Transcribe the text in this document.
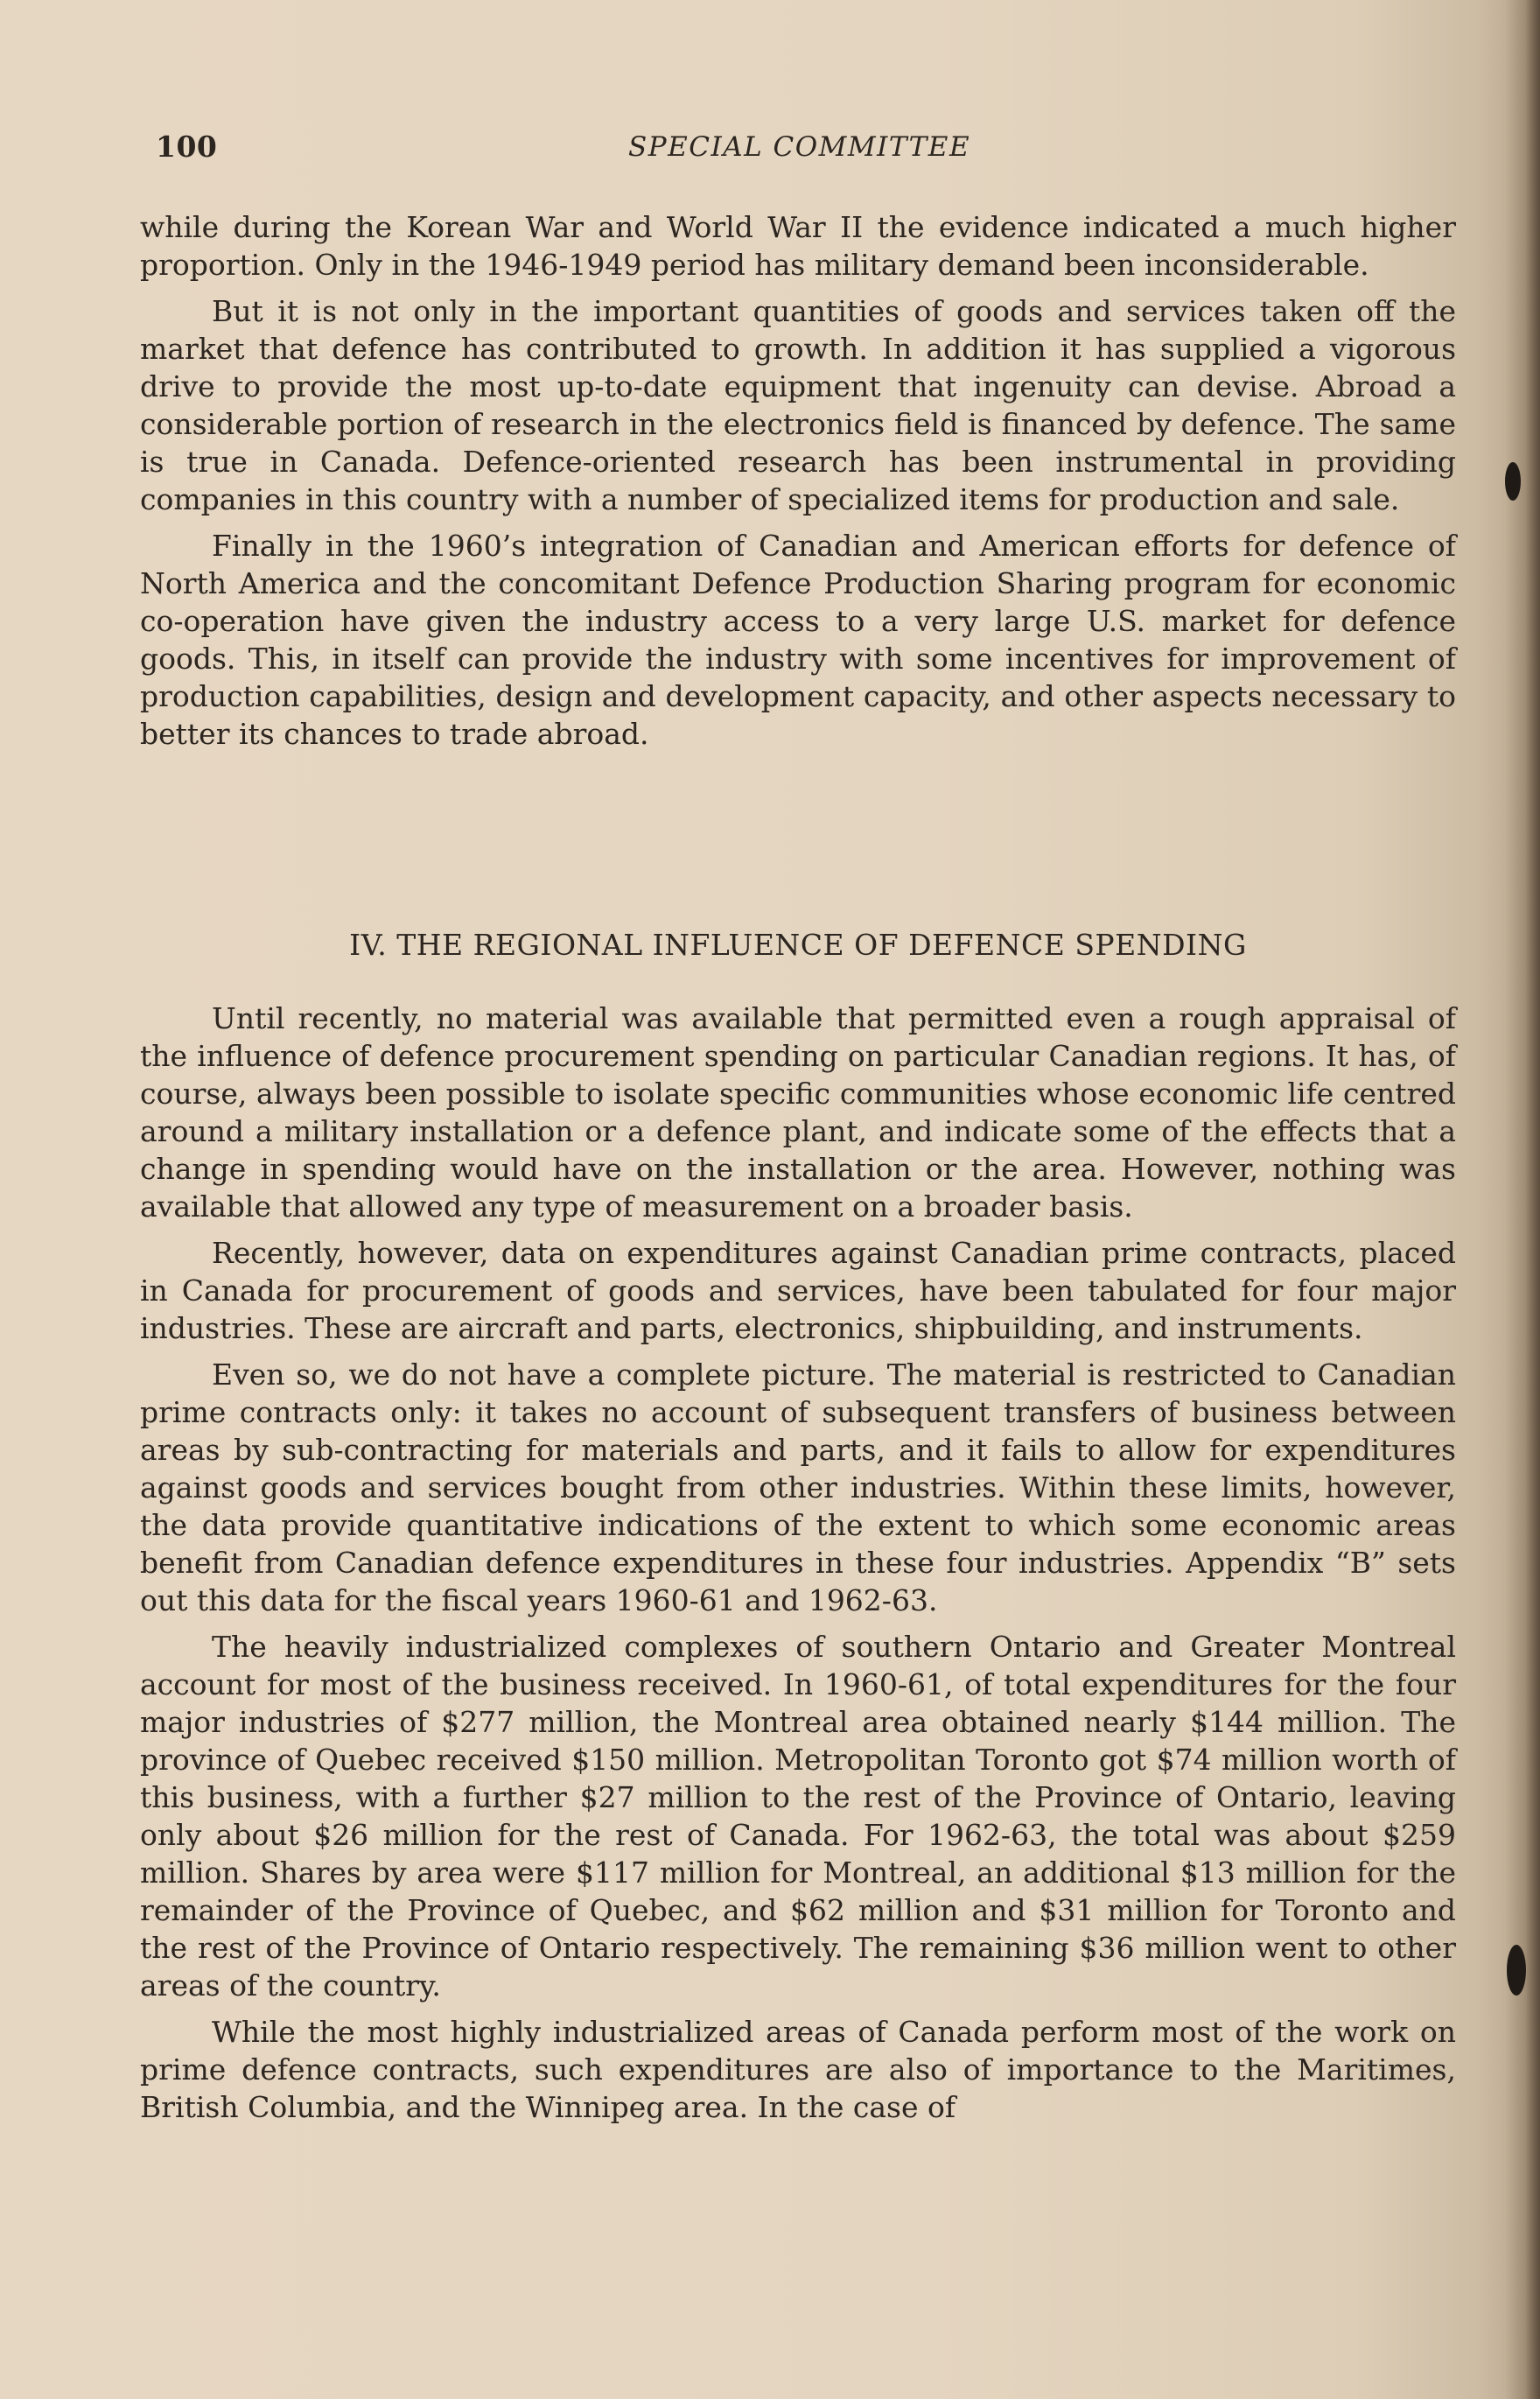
100	SPECIAL COMMITTEE

while during the Korean War and World War II the evidence indicated a much higher proportion. Only in the 1946-1949 period has military demand been inconsiderable.

But it is not only in the important quantities of goods and services taken off the market that defence has contributed to growth. In addition it has supplied a vigorous drive to provide the most up-to-date equipment that ingenuity can devise. Abroad a considerable portion of research in the electronics field is financed by defence. The same is true in Canada. Defence-oriented research has been instrumental in providing companies in this country with a number of specialized items for production and sale.

Finally in the 1960’s integration of Canadian and American efforts for defence of North America and the concomitant Defence Production Sharing program for economic co-operation have given the industry access to a very large U.S. market for defence goods. This, in itself can provide the industry with some incentives for improvement of production capabilities, design and development capacity, and other aspects necessary to better its chances to trade abroad.

IV. THE REGIONAL INFLUENCE OF DEFENCE SPENDING

Until recently, no material was available that permitted even a rough appraisal of the influence of defence procurement spending on particular Canadian regions. It has, of course, always been possible to isolate specific communities whose economic life centred around a military installation or a defence plant, and indicate some of the effects that a change in spending would have on the installation or the area. However, nothing was available that allowed any type of measurement on a broader basis.

Recently, however, data on expenditures against Canadian prime contracts, placed in Canada for procurement of goods and services, have been tabulated for four major industries. These are aircraft and parts, electronics, shipbuilding, and instruments.

Even so, we do not have a complete picture. The material is restricted to Canadian prime contracts only: it takes no account of subsequent transfers of business between areas by sub-contracting for materials and parts, and it fails to allow for expenditures against goods and services bought from other industries. Within these limits, however, the data provide quantitative indications of the extent to which some economic areas benefit from Canadian defence expenditures in these four industries. Appendix “B” sets out this data for the fiscal years 1960-61 and 1962-63.

The heavily industrialized complexes of southern Ontario and Greater Montreal account for most of the business received. In 1960-61, of total expenditures for the four major industries of $277 million, the Montreal area obtained nearly $144 million. The province of Quebec received $150 million. Metropolitan Toronto got $74 million worth of this business, with a further $27 million to the rest of the Province of Ontario, leaving only about $26 million for the rest of Canada. For 1962-63, the total was about $259 million. Shares by area were $117 million for Montreal, an additional $13 million for the remainder of the Province of Quebec, and $62 million and $31 million for Toronto and the rest of the Province of Ontario respectively. The remaining $36 million went to other areas of the country.

While the most highly industrialized areas of Canada perform most of the work on prime defence contracts, such expenditures are also of importance to the Maritimes, British Columbia, and the Winnipeg area. In the case of
